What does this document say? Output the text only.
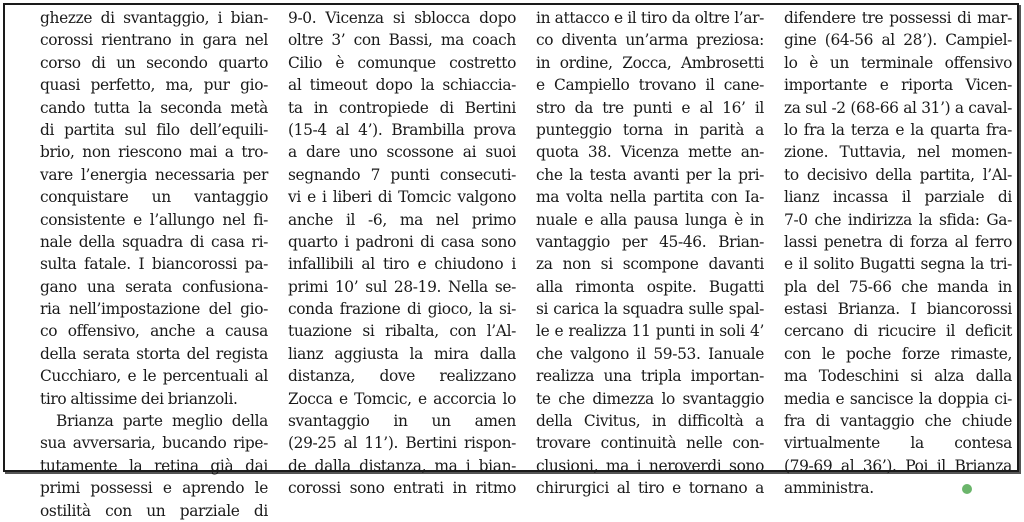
ghezze di svantaggio, i bian-
corossi rientrano in gara nel
corso di un secondo quarto
quasi perfetto, ma, pur gio-
cando tutta la seconda metà
di partita sul filo dell’equili-
brio, non riescono mai a tro-
vare l’energia necessaria per
conquistare un vantaggio
consistente e l’allungo nel fi-
nale della squadra di casa ri-
sulta fatale. I biancorossi pa-
gano una serata confusiona-
ria nell’impostazione del gio-
co offensivo, anche a causa
della serata storta del regista
Cucchiaro, e le percentuali al
tiro altissime dei brianzoli.
Brianza parte meglio della
sua avversaria, bucando ripe-
tutamente la retina già dai
primi possessi e aprendo le
ostilità con un parziale di
9-0. Vicenza si sblocca dopo
oltre 3’ con Bassi, ma coach
Cilio è comunque costretto
al timeout dopo la schiaccia-
ta in contropiede di Bertini
(15-4 al 4’). Brambilla prova
a dare uno scossone ai suoi
segnando 7 punti consecuti-
vi e i liberi di Tomcic valgono
anche il -6, ma nel primo
quarto i padroni di casa sono
infallibili al tiro e chiudono i
primi 10’ sul 28-19. Nella se-
conda frazione di gioco, la si-
tuazione si ribalta, con l’Al-
lianz aggiusta la mira dalla
distanza, dove realizzano
Zocca e Tomcic, e accorcia lo
svantaggio in un amen
(29-25 al 11’). Bertini rispon-
de dalla distanza, ma i bian-
corossi sono entrati in ritmo
in attacco e il tiro da oltre l’ar-
co diventa un’arma preziosa:
in ordine, Zocca, Ambrosetti
e Campiello trovano il cane-
stro da tre punti e al 16’ il
punteggio torna in parità a
quota 38. Vicenza mette an-
che la testa avanti per la pri-
ma volta nella partita con Ia-
nuale e alla pausa lunga è in
vantaggio per 45-46. Brian-
za non si scompone davanti
alla rimonta ospite. Bugatti
si carica la squadra sulle spal-
le e realizza 11 punti in soli 4’
che valgono il 59-53. Ianuale
realizza una tripla importan-
te che dimezza lo svantaggio
della Civitus, in difficoltà a
trovare continuità nelle con-
clusioni, ma i neroverdi sono
chirurgici al tiro e tornano a
difendere tre possessi di mar-
gine (64-56 al 28’). Campiel-
lo è un terminale offensivo
importante e riporta Vicen-
za sul -2 (68-66 al 31’) a caval-
lo fra la terza e la quarta fra-
zione. Tuttavia, nel momen-
to decisivo della partita, l’Al-
lianz incassa il parziale di
7-0 che indirizza la sfida: Ga-
lassi penetra di forza al ferro
e il solito Bugatti segna la tri-
pla del 75-66 che manda in
estasi Brianza. I biancorossi
cercano di ricucire il deficit
con le poche forze rimaste,
ma Todeschini si alza dalla
media e sancisce la doppia ci-
fra di vantaggio che chiude
virtualmente la contesa
(79-69 al 36’). Poi il Brianza
amministra.
